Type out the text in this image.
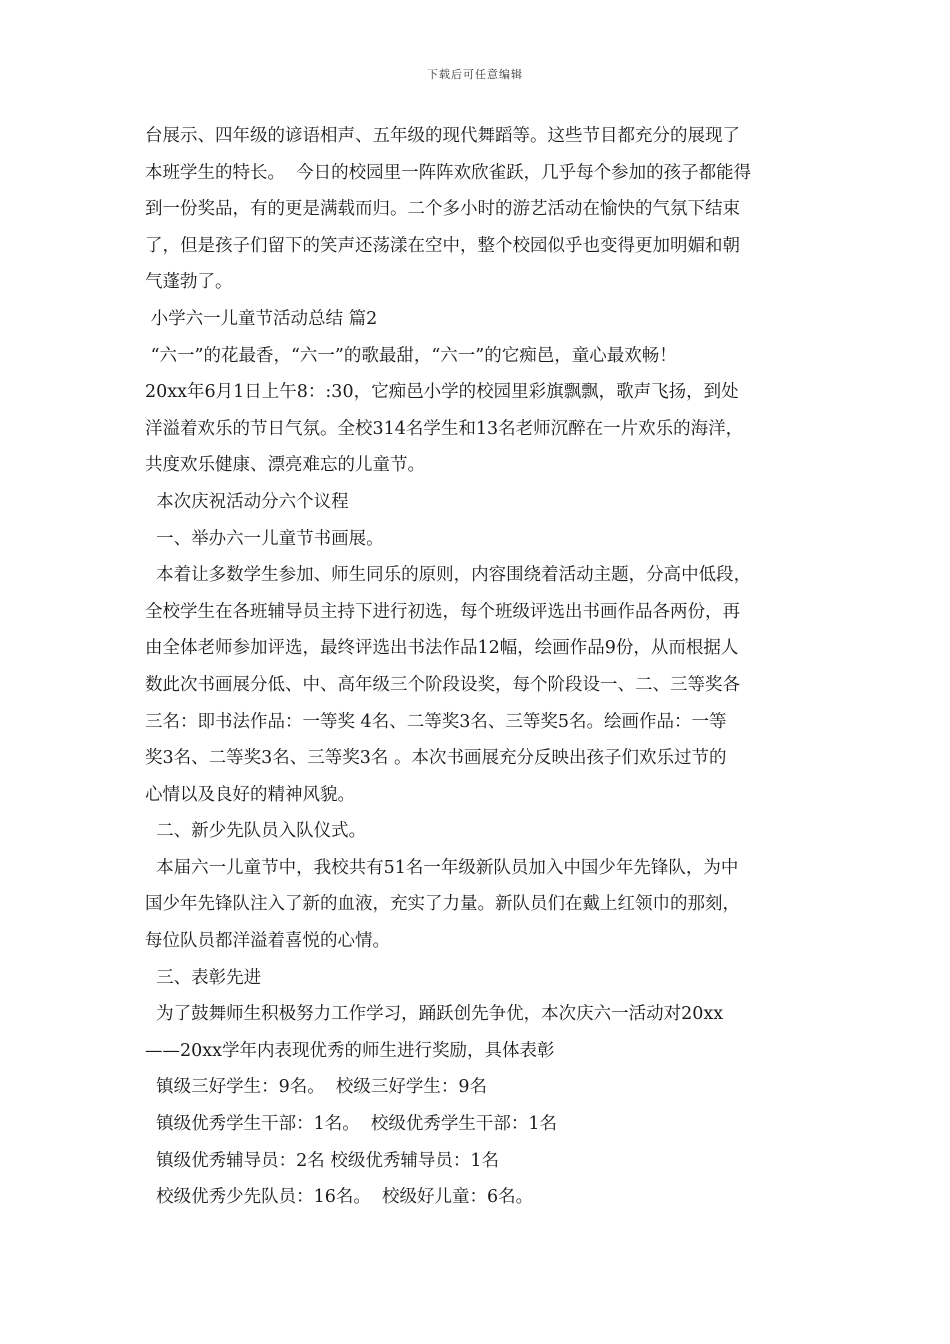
下载后可任意编辑
台展示、四年级的谚语相声、五年级的现代舞蹈等。这些节目都充分的展现了
本班学生的特长。  今日的校园里一阵阵欢欣雀跃，几乎每个参加的孩子都能得
到一份奖品，有的更是满载而归。二个多小时的游艺活动在愉快的气氛下结束
了，但是孩子们留下的笑声还荡漾在空中，整个校园似乎也变得更加明媚和朝
气蓬勃了。
小学六一儿童节活动总结 篇2
“六一”的花最香，“六一”的歌最甜，“六一”的它痴邑，童心最欢畅！
20xx年6月1日上午8：:30，它痴邑小学的校园里彩旗飘飘，歌声飞扬，到处
洋溢着欢乐的节日气氛。全校314名学生和13名老师沉醉在一片欢乐的海洋，
共度欢乐健康、漂亮难忘的儿童节。
本次庆祝活动分六个议程
一、举办六一儿童节书画展。
本着让多数学生参加、师生同乐的原则，内容围绕着活动主题，分高中低段，
全校学生在各班辅导员主持下进行初选，每个班级评选出书画作品各两份，再
由全体老师参加评选，最终评选出书法作品12幅，绘画作品9份，从而根据人
数此次书画展分低、中、高年级三个阶段设奖，每个阶段设一、二、三等奖各
三名：即书法作品：一等奖 4名、二等奖3名、三等奖5名。绘画作品：一等
奖3名、二等奖3名、三等奖3名 。本次书画展充分反映出孩子们欢乐过节的
心情以及良好的精神风貌。
二、新少先队员入队仪式。
本届六一儿童节中，我校共有51名一年级新队员加入中国少年先锋队，为中
国少年先锋队注入了新的血液，充实了力量。新队员们在戴上红领巾的那刻，
每位队员都洋溢着喜悦的心情。
三、表彰先进
为了鼓舞师生积极努力工作学习，踊跃创先争优，本次庆六一活动对20xx
——20xx学年内表现优秀的师生进行奖励，具体表彰
镇级三好学生：9名。  校级三好学生：9名
镇级优秀学生干部：1名。  校级优秀学生干部：1名
镇级优秀辅导员：2名 校级优秀辅导员：1名
校级优秀少先队员：16名。  校级好儿童：6名。
